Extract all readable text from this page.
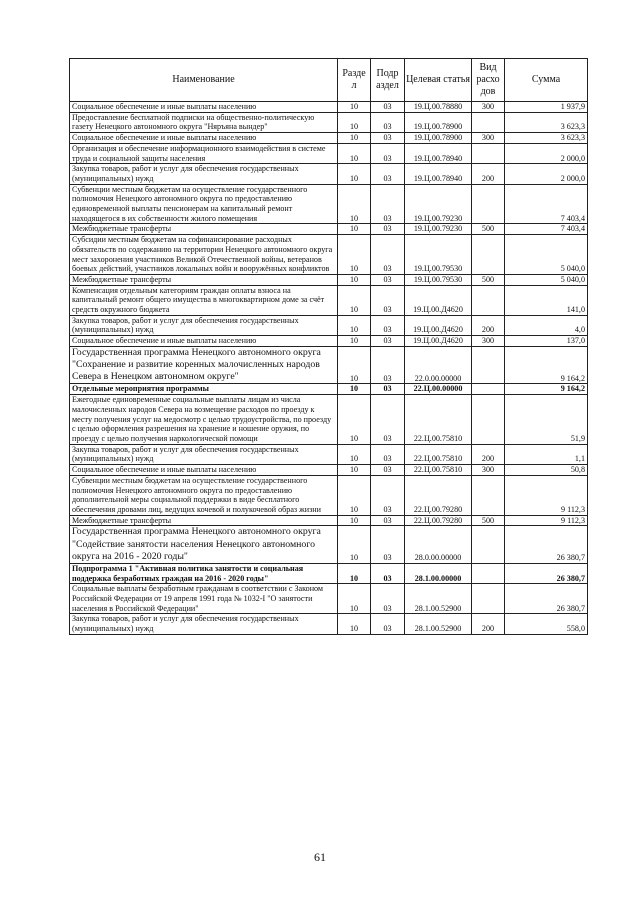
Наименование	Разде л	Подр аздел	Целевая статья	Вид расхо дов	Сумма
Социальное обеспечение и иные выплаты населению	10	03	19.Ц.00.78880	300	1 937,9
Предоставление бесплатной подписки на общественно-политическую газету Ненецкого автономного округа "Няръяна вындер"	10	03	19.Ц.00.78900		3 623,3
Социальное обеспечение и иные выплаты населению	10	03	19.Ц.00.78900	300	3 623,3
Организация и обеспечение информационного взаимодействия в системе труда и социальной защиты населения	10	03	19.Ц.00.78940		2 000,0
Закупка товаров, работ и услуг для обеспечения государственных (муниципальных) нужд	10	03	19.Ц.00.78940	200	2 000,0
Субвенции местным бюджетам на осуществление государственного полномочия Ненецкого автономного округа по предоставлению единовременной выплаты пенсионерам на капитальный ремонт находящегося в их собственности жилого помещения	10	03	19.Ц.00.79230		7 403,4
Межбюджетные трансферты	10	03	19.Ц.00.79230	500	7 403,4
Субсидии местным бюджетам на софинансирование расходных обязательств по содержанию на территории Ненецкого автономного округа мест захоронения участников Великой Отечественной войны, ветеранов боевых действий, участников локальных войн и вооружённых конфликтов	10	03	19.Ц.00.79530		5 040,0
Межбюджетные трансферты	10	03	19.Ц.00.79530	500	5 040,0
Компенсация отдельным категориям граждан оплаты взноса на капитальный ремонт общего имущества в многоквартирном доме за счёт средств окружного бюджета	10	03	19.Ц.00.Д4620		141,0
Закупка товаров, работ и услуг для обеспечения государственных (муниципальных) нужд	10	03	19.Ц.00.Д4620	200	4,0
Социальное обеспечение и иные выплаты населению	10	03	19.Ц.00.Д4620	300	137,0
Государственная программа Ненецкого автономного округа "Сохранение и развитие коренных малочисленных народов Севера в Ненецком автономном округе"	10	03	22.0.00.00000		9 164,2
Отдельные мероприятия программы	10	03	22.Ц.00.00000		9 164,2
Ежегодные единовременные социальные выплаты лицам из числа малочисленных народов Севера на возмещение расходов по проезду к месту получения услуг на медосмотр с целью трудоустройства, по проезду с целью оформления разрешения на хранение и ношение оружия, по проезду с целью получения наркологической помощи	10	03	22.Ц.00.75810		51,9
Закупка товаров, работ и услуг для обеспечения государственных (муниципальных) нужд	10	03	22.Ц.00.75810	200	1,1
Социальное обеспечение и иные выплаты населению	10	03	22.Ц.00.75810	300	50,8
Субвенции местным бюджетам на осуществление государственного полномочия Ненецкого автономного округа по предоставлению дополнительной меры социальной поддержки в виде бесплатного обеспечения дровами лиц, ведущих кочевой и полукочевой образ жизни	10	03	22.Ц.00.79280		9 112,3
Межбюджетные трансферты	10	03	22.Ц.00.79280	500	9 112,3
Государственная программа Ненецкого автономного округа "Содействие занятости населения Ненецкого автономного округа на 2016 - 2020 годы"	10	03	28.0.00.00000		26 380,7
Подпрограмма 1 "Активная политика занятости и социальная поддержка безработных граждан на 2016 - 2020 годы"	10	03	28.1.00.00000		26 380,7
Социальные выплаты безработным гражданам в соответствии с Законом Российской Федерации от 19 апреля 1991 года № 1032-I "О занятости населения в Российской Федерации"	10	03	28.1.00.52900		26 380,7
Закупка товаров, работ и услуг для обеспечения государственных (муниципальных) нужд	10	03	28.1.00.52900	200	558,0
61
